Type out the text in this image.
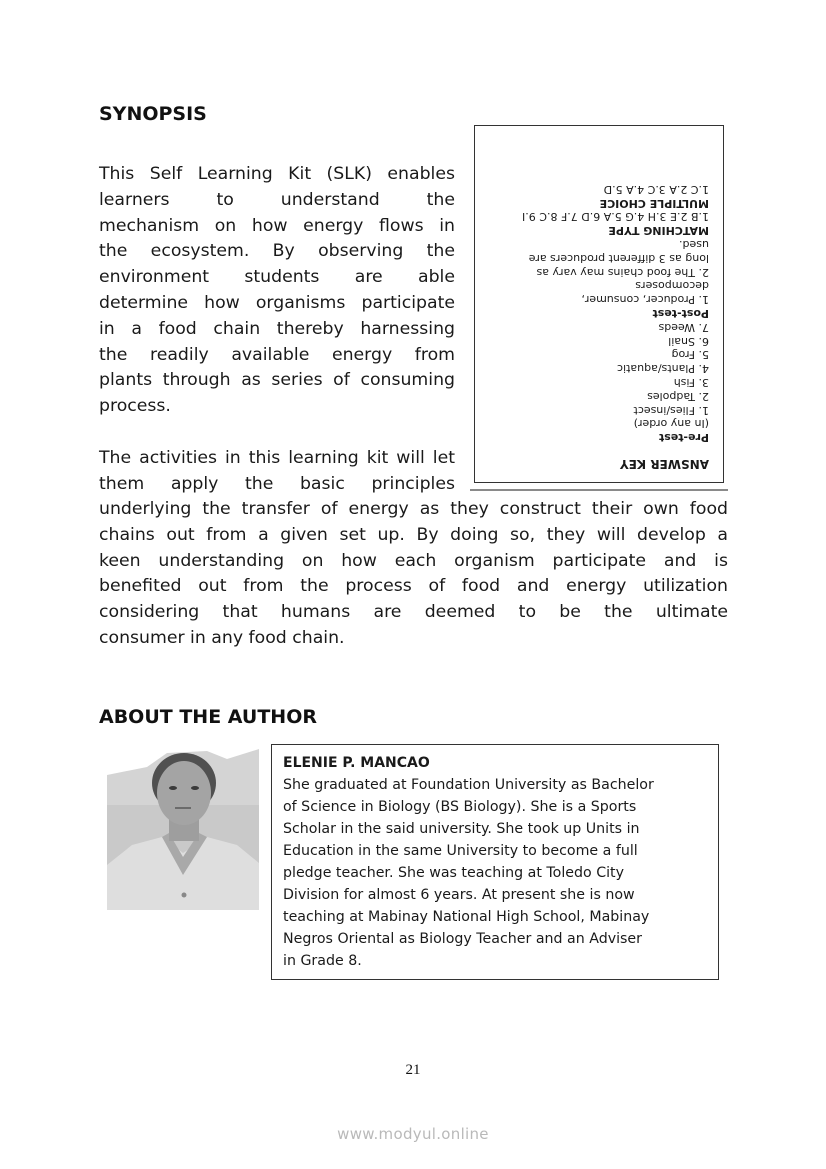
SYNOPSIS
This Self Learning Kit (SLK) enables
learners to understand the
mechanism on how energy flows in
the ecosystem. By observing the
environment students are able
determine how organisms participate
in a food chain thereby harnessing
the readily available energy from
plants through as series of consuming
process.
The activities in this learning kit will let
them apply the basic principles
underlying the transfer of energy as they construct their own food
chains out from a given set up. By doing so, they will develop a
keen understanding on how each organism participate and is
benefited out from the process of food and energy utilization
considering that humans are deemed to be the ultimate
consumer in any food chain.
ANSWER KEY
Pre-test
(In any order)
1. Flies/insect
2. Tadpoles
3. Fish
4. Plants/aquatic
5. Frog
6. Snail
7. Weeds
Post-test
1. Producer, consumer,
decomposers
2. The food chains may vary as
long as 3 different producers are
used.
MATCHING TYPE
1.B 2.E 3.H 4.G 5.A 6.D 7.F 8.C 9.I
MULTIPLE CHOICE
1.C 2.A 3.C 4.A 5.D
ABOUT THE AUTHOR
ELENIE P. MANCAO
She graduated at Foundation University as Bachelor
of Science in Biology (BS Biology). She is a Sports
Scholar in the said university. She took up Units in
Education in the same University to become a full
pledge teacher. She was teaching at Toledo City
Division for almost 6 years. At present she is now
teaching at Mabinay National High School, Mabinay
Negros Oriental as Biology Teacher and an Adviser
in Grade 8.
21
www.modyul.online
